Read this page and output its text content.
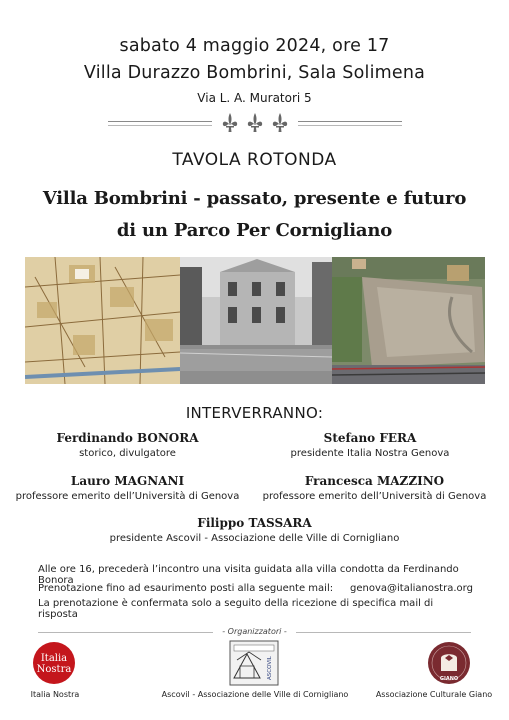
sabato 4 maggio 2024, ore 17
Villa Durazzo Bombrini, Sala Solimena
Via L. A. Muratori 5
TAVOLA ROTONDA
Villa Bombrini - passato, presente e futuro
di un Parco Per Cornigliano
INTERVERRANNO:
Ferdinando BONORA
storico, divulgatore
Stefano FERA
presidente Italia Nostra Genova
Lauro MAGNANI
professore emerito dell’Università di Genova
Francesca MAZZINO
professore emerito dell’Università di Genova
Filippo TASSARA
presidente Ascovil - Associazione delle Ville di Cornigliano
Alle ore 16, precederà l’incontro una visita guidata alla villa condotta da Ferdinando Bonora
Prenotazione fino ad esaurimento posti alla seguente mail:	genova@italianostra.org
La prenotazione è confermata solo a seguito della ricezione di specifica mail di risposta
- Organizzatori -
Italia
Nostra
Italia Nostra
ASCOVIL
Ascovil - Associazione delle Ville di Cornigliano
GIANO
Associazione Culturale Giano
